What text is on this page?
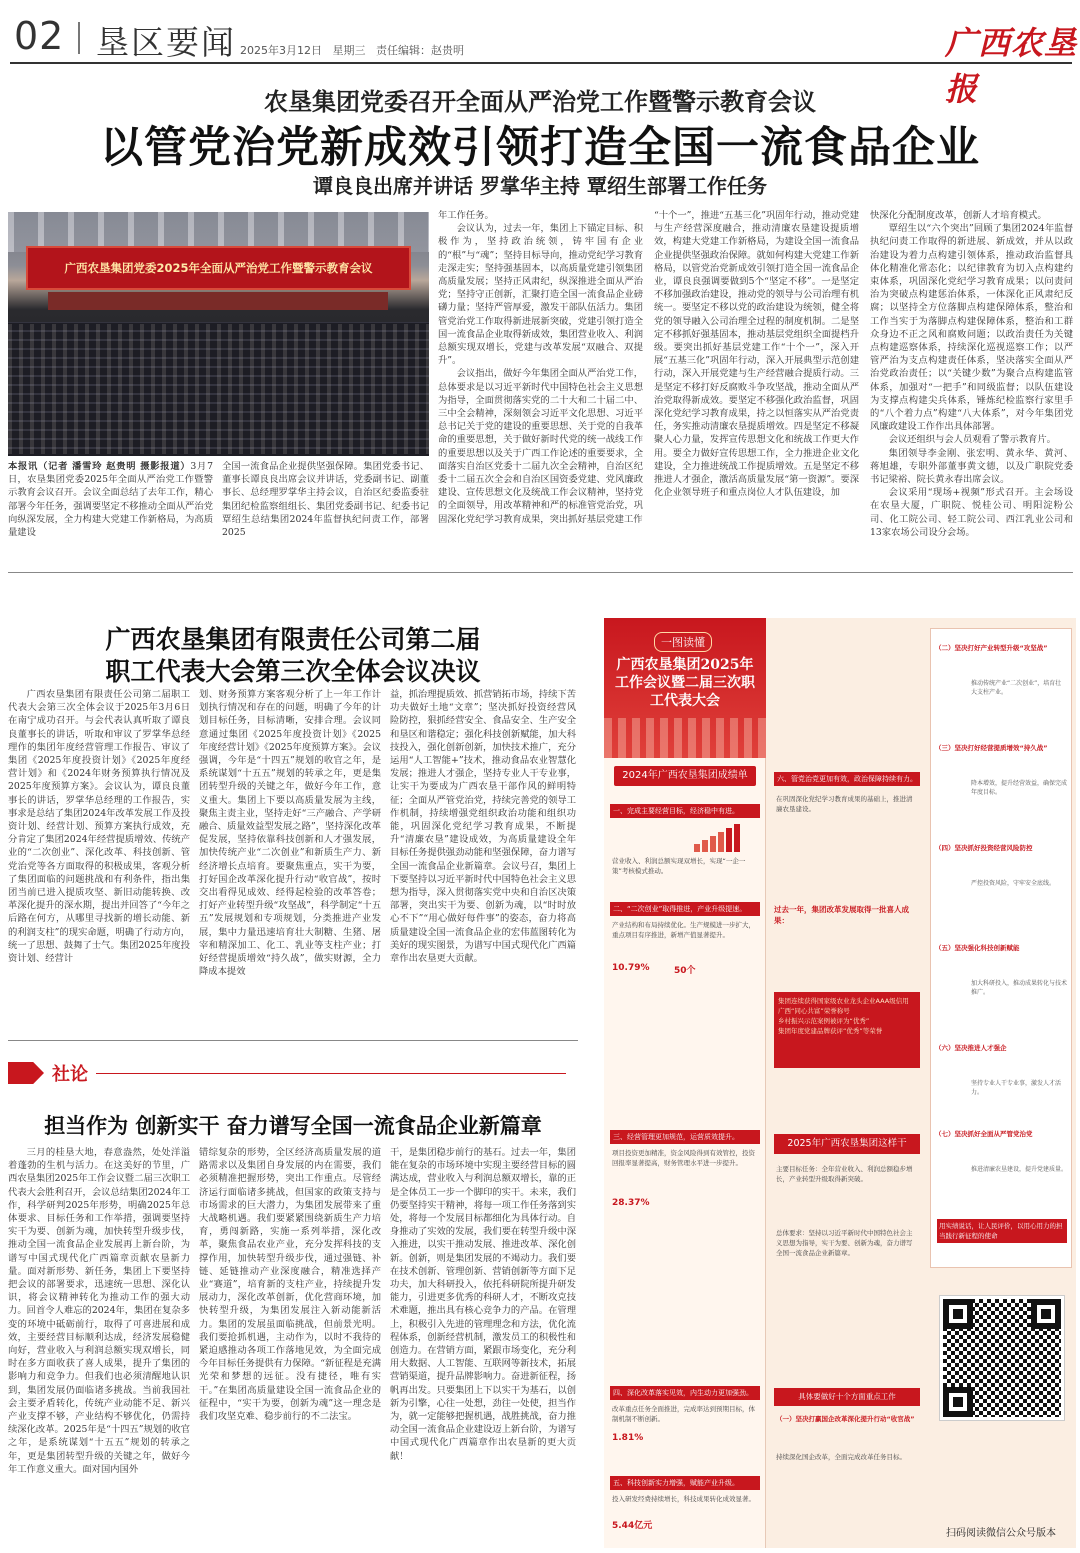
02 垦区要闻 2025年3月12日 星期三 责任编辑：赵贵明	广西农垦报
农垦集团党委召开全面从严治党工作暨警示教育会议
以管党治党新成效引领打造全国一流食品企业
谭良良出席并讲话 罗掌华主持 覃绍生部署工作任务
广西农垦集团党委2025年全面从严治党工作暨警示教育会议

本报讯（记者 潘雪玲 赵贵明 摄影报道）3月7日，农垦集团党委2025年全面从严治党工作暨警示教育会议召开。会议全面总结了去年工作，精心部署今年任务，强调要坚定不移推动全面从严治党向纵深发展，全力构建大党建工作新格局，为高质量建设

全国一流食品企业提供坚强保障。集团党委书记、董事长谭良良出席会议并讲话，党委副书记、副董事长、总经理罗掌华主持会议，自治区纪委监委驻集团纪检监察组组长、集团党委副书记、纪委书记覃绍生总结集团2024年监督执纪问责工作，部署2025

年工作任务。

会议认为，过去一年，集团上下锚定目标、积极作为，坚持政治统领，铸牢国有企业的“根”与“魂”；坚持目标导向，推动党纪学习教育走深走实；坚持强基固本，以高质量党建引领集团高质量发展；坚持正风肃纪，纵深推进全面从严治党；坚持守正创新，汇聚打造全国一流食品企业磅礴力量；坚持严管厚爱，激发干部队伍活力。集团管党治党工作取得新进展新突破，党建引领打造全国一流食品企业取得新成效，集团营业收入、利润总额实现双增长，党建与改革发展“双融合、双提升”。

会议指出，做好今年集团全面从严治党工作，总体要求是以习近平新时代中国特色社会主义思想为指导，全面贯彻落实党的二十大和二十届二中、三中全会精神，深刻领会习近平文化思想、习近平总书记关于党的建设的重要思想、关于党的自我革命的重要思想，关于做好新时代党的统一战线工作的重要思想以及关于广西工作论述的重要要求，全面落实自治区党委十二届九次全会精神，自治区纪委十二届五次全会和自治区国资委党建、党风廉政建设、宣传思想文化及统战工作会议精神，坚持党的全面领导，用改革精神和严的标准管党治党，巩固深化党纪学习教育成果，突出抓好基层党建工作

“十个一”，推进“五基三化”巩固年行动，推动党建与生产经营深度融合，推动清廉农垦建设提质增效，构建大党建工作新格局，为建设全国一流食品企业提供坚强政治保障。就如何构建大党建工作新格局，以管党治党新成效引领打造全国一流食品企业，谭良良强调要做到5个“坚定不移”。一是坚定不移加强政治建设，推动党的领导与公司治理有机统一。要坚定不移以党的政治建设为统领，健全将党的领导融入公司治理全过程的制度机制。二是坚定不移抓好强基固本，推动基层党组织全面提档升级。要突出抓好基层党建工作“十个一”，深入开展“五基三化”巩固年行动，深入开展典型示范创建行动，深入开展党建与生产经营融合提质行动。三是坚定不移打好反腐败斗争攻坚战，推动全面从严治党取得新成效。要坚定不移强化政治监督，巩固深化党纪学习教育成果，持之以恒落实从严治党责任，务实推动清廉农垦提质增效。四是坚定不移凝聚人心力量，发挥宣传思想文化和统战工作更大作用。要全力做好宣传思想工作，全力推进企业文化建设，全力推进统战工作提质增效。五是坚定不移推进人才强企，激活高质量发展“第一资源”。要深化企业领导班子和重点岗位人才队伍建设，加

快深化分配制度改革，创新人才培育模式。

覃绍生以“六个突出”回顾了集团2024年监督执纪问责工作取得的新进展、新成效，并从以政治建设为着力点构建引领体系，推动政治监督具体化精准化常态化；以纪律教育为切入点构建约束体系，巩固深化党纪学习教育成果；以问责问治为突破点构建惩治体系，一体深化正风肃纪反腐；以坚持全方位落脚点构建保障体系，整治和工作当实于为落脚点构建保障体系，整治和工群众身边不正之风和腐败问题；以政治责任为关键点构建巡察体系，持续深化巡视巡察工作；以严管严治为支点构建责任体系，坚决落实全面从严治党政治责任；以“关键少数”为聚合点构建监管体系，加强对“一把手”和同级监督；以队伍建设为支撑点构建尖兵体系，锤炼纪检监察行家里手的“八个着力点”构建“八大体系”，对今年集团党风廉政建设工作作出具体部署。

会议还组织与会人员观看了警示教育片。

集团领导李金刚、张宏明、黄永华、黄河、蒋旭雄，专职外部董事黄文德，以及广职院党委书记梁裕、院长黄永春出席会议。

会议采用“现场+视频”形式召开。主会场设在农垦大厦，广职院、悦桂公司、明阳淀粉公司、化工院公司、轻工院公司、西江乳业公司和13家农场公司设分会场。

广西农垦集团有限责任公司第二届
职工代表大会第三次全体会议决议

广西农垦集团有限责任公司第二届职工代表大会第三次全体会议于2025年3月6日在南宁成功召开。与会代表认真听取了谭良良董事长的讲话，听取和审议了罗掌华总经理作的集团年度经营管理工作报告、审议了集团《2025年度投资计划》《2025年度经营计划》和《2024年财务预算执行情况及2025年度预算方案》。会议认为，谭良良董事长的讲话，罗掌华总经理的工作报告，实事求是总结了集团2024年改革发展工作及投资计划、经营计划、预算方案执行成效，充分肯定了集团2024年经营提质增效、传统产业的“二次创业”、深化改革、科技创新、管党治党等各方面取得的积极成果，客观分析了集团面临的问题挑战和有利条件，指出集团当前已进入提质攻坚、新旧动能转换、改革深化提升的深水期，提出并回答了“今年之后路在何方，从哪里寻找新的增长动能、新的利润支柱”的现实命题，明确了行动方向，统一了思想、鼓舞了士气。集团2025年度投资计划、经营计

划、财务预算方案客观分析了上一年工作计划执行情况和存在的问题，明确了今年的计划目标任务，目标清晰，安排合理。会议同意通过集团《2025年度投资计划》《2025年度经营计划》《2025年度预算方案》。会议强调，今年是“十四五”规划的收官之年，是系统谋划“十五五”规划的转承之年，更是集团转型升级的关键之年，做好今年工作，意义重大。集团上下要以高质量发展为主线，聚焦主责主业，坚持走好“三产融合、产学研融合、质量效益型发展之路”，坚持深化改革促发展，坚持依靠科技创新和人才强发展，加快传统产业“二次创业”和新质生产力、新经济增长点培育。要聚焦重点，实干为要，打好国企改革深化提升行动“收官战”，按时交出看得见成效、经得起检验的改革答卷；打好产业转型升级“攻坚战”，科学制定“十五五”发展规划和专项规划，分类推进产业发展，集中力量迅速培育壮大制糖、生猪、屠宰和精深加工、化工、乳业等支柱产业；打好经营提质增效“持久战”，做实财源，全力降成本提效

益，抓治理提质效、抓营销拓市场，持续下苦功夫做好土地“文章”；坚决抓好投资经营风险防控，狠抓经营安全、食品安全、生产安全和垦区和谐稳定；强化科技创新赋能，加大科技投入，强化创新创新，加快技术推广，充分运用“人工智能+”技术，推动食品农业智慧化发展；推进人才强企，坚持专业人干专业事，让实干为要成为广西农垦干部作风的鲜明特征；全面从严管党治党，持续完善党的领导工作机制，持续增强党组织政治功能和组织功能，巩固深化党纪学习教育成果，不断提升“清廉农垦”建设成效，为高质量建设全年目标任务提供强劲动能和坚强保障，奋力谱写全国一流食品企业新篇章。会议号召，集团上下要坚持以习近平新时代中国特色社会主义思想为指导，深入贯彻落实党中央和自治区决策部署，突出实干为要、创新为魂，以“时时放心不下”“用心做好每件事”的姿态，奋力将高质量建设全国一流食品企业的宏伟蓝图转化为美好的现实图景，为谱写中国式现代化广西篇章作出农垦更大贡献。

社论
担当作为 创新实干 奋力谱写全国一流食品企业新篇章

三月的桂垦大地，春意盎然，处处洋溢着蓬勃的生机与活力。在这美好的节里，广西农垦集团2025年工作会议暨二届三次职工代表大会胜利召开，会议总结集团2024年工作，科学研判2025年形势，明确2025年总体要求、目标任务和工作举措，强调要坚持实干为要、创新为魂，加快转型升级步伐，推动全国一流食品企业发展再上新台阶，为谱写中国式现代化广西篇章贡献农垦新力量。面对新形势、新任务，集团上下要坚持把会议的部署要求，迅速统一思想、深化认识，将会议精神转化为推动工作的强大动力。回首令人难忘的2024年，集团在复杂多变的环境中砥砺前行，取得了可喜进展和成效，主要经营目标顺利达成，经济发展稳健向好，营业收入与利润总额实现双增长，同时在多方面收获了喜人成果，提升了集团的影响力和竞争力。但我们也必须清醒地认识到，集团发展仍面临诸多挑战。当前我国社会主要矛盾转化，传统产业动能不足、新兴产业支撑不够，产业结构不够优化，仍需持续深化改革。2025年是“十四五”规划的收官之年，是系统谋划“十五五”规划的转承之年，更是集团转型升级的关键之年，做好今年工作意义重大。面对国内国外

错综复杂的形势，全区经济高质量发展的道路需求以及集团自身发展的内在需要，我们必须精准把握形势，突出工作重点。尽管经济运行面临诸多挑战，但国家的政策支持与市场需求的巨大潜力，为集团发展带来了重大战略机遇。我们要紧紧围绕新质生产力培育，勇闯新路，实施一系列举措，深化改革，聚焦食品农业产业，充分发挥科技的支撑作用，加快转型升级步伐，通过强链、补链、延链推动产业深度融合，精准选择产业“赛道”，培育新的支柱产业，持续提升发展动力，深化改革创新，优化营商环境，加快转型升级，为集团发展注入新动能新活力。集团的发展虽面临挑战，但前景光明。我们要抢抓机遇，主动作为，以时不我待的紧迫感推动各项工作落地见效，为全面完成今年目标任务提供有力保障。“新征程是充满光荣和梦想的远征。没有捷径，唯有实干。”在集团高质量建设全国一流食品企业的征程中，“实干为要，创新为魂”这一理念是我们攻坚克难、稳步前行的不二法宝。

干，是集团稳步前行的基石。过去一年，集团能在复杂的市场环境中实现主要经营目标的圆满达成，营业收入与利润总额双增长，靠的正是全体员工一步一个脚印的实干。未来，我们仍要坚持实干精神，将每一项工作任务落到实处，将每一个发展目标都细化为具体行动。自身推动了实效的发展，我们要在转型升级中深入推进，以实干推动发展、推进改革、深化创新。创新，则是集团发展的不竭动力。我们要在技术创新、管理创新、营销创新等方面下足功夫，加大科研投入，依托科研院所提升研发能力，引进更多优秀的科研人才，不断攻克技术难题，推出具有核心竞争力的产品。在管理上，积极引入先进的管理理念和方法，优化流程体系，创新经营机制，激发员工的积极性和创造力。在营销方面，紧跟市场变化，充分利用大数据、人工智能、互联网等新技术，拓展营销渠道，提升品牌影响力。奋进新征程，扬帆再出发。只要集团上下以实干为基石，以创新为引擎，心往一处想，劲往一处使，担当作为，就一定能够把握机遇，战胜挑战，奋力推动全国一流食品企业建设迈上新台阶，为谱写中国式现代化广西篇章作出农垦新的更大贡献！

一图读懂
广西农垦集团2025年工作会议暨二届三次职工代表大会
2024年广西农垦集团成绩单
一、完成主要经营目标，经济稳中有进。
营业收入、利润总额实现双增长，实现“一企一策”考核模式推动。
二、“二次创业”取得推进，产业升级提速。
产业结构和布局持续优化。生产规模进一步扩大，重点项目有序推进，新增产值显著提升。
10.79%	50个
三、经营管理更加规范，运营质效提升。
项目投资更加精准，资金风险得到有效管控，投资回报率显著提高，财务管理水平进一步提升。
28.37%
四、深化改革落实见效，内生动力更加强劲。
改革重点任务全面推进，完成率达到预期目标，体制机制不断创新。
1.81%
五、科技创新实力增强，赋能产业升级。
投入研发经费持续增长，科技成果转化成效显著。
5.44亿元
六、管党治党更加有效，政治保障持续有力。
在巩固深化党纪学习教育成果的基础上，推进清廉农垦建设。
过去一年，集团改革发展取得一批喜人成果：
集团连续获得国家级农业龙头企业AAA级信用
广西“同心共富”荣誉称号
乡村振兴示范案例被评为“优秀”
集团年度党建品牌获评“优秀”等荣誉
2025年广西农垦集团这样干
主要目标任务：全年营业收入、利润总额稳步增长，产业转型升级取得新突破。
总体要求：坚持以习近平新时代中国特色社会主义思想为指导，实干为要、创新为魂，奋力谱写全国一流食品企业新篇章。
具体要做好十个方面重点工作
（一）坚决打赢国企改革深化提升行动“收官战”
持续深化国企改革，全面完成改革任务目标。
（二）坚决打好产业转型升级“攻坚战”
推动传统产业“二次创业”，培育壮大支柱产业。
（三）坚决打好经营提质增效“持久战”
降本增效，提升经营效益，确保完成年度目标。
（四）坚决抓好投资经营风险防控
严控投资风险，守牢安全底线。
（五）坚决强化科技创新赋能
加大科研投入，推动成果转化与技术推广。
（六）坚决推进人才强企
坚持专业人干专业事，激发人才活力。
（七）坚决抓好全面从严管党治党
推进清廉农垦建设，提升党建质量。
用实绩说话，让人民评价，以用心用力的担当践行新征程的使命
扫码阅读微信公众号版本
